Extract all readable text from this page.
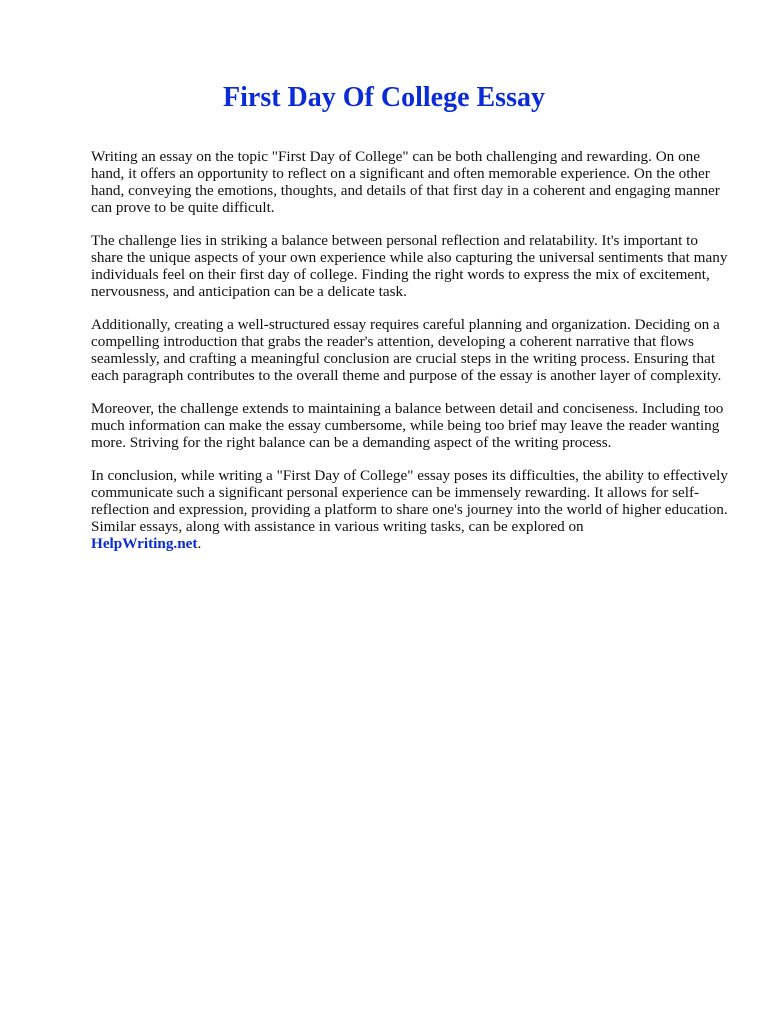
First Day Of College Essay

Writing an essay on the topic "First Day of College" can be both challenging and rewarding. On one hand, it offers an opportunity to reflect on a significant and often memorable experience. On the other hand, conveying the emotions, thoughts, and details of that first day in a coherent and engaging manner can prove to be quite difficult.

The challenge lies in striking a balance between personal reflection and relatability. It's important to share the unique aspects of your own experience while also capturing the universal sentiments that many individuals feel on their first day of college. Finding the right words to express the mix of excitement, nervousness, and anticipation can be a delicate task.

Additionally, creating a well-structured essay requires careful planning and organization. Deciding on a compelling introduction that grabs the reader's attention, developing a coherent narrative that flows seamlessly, and crafting a meaningful conclusion are crucial steps in the writing process. Ensuring that each paragraph contributes to the overall theme and purpose of the essay is another layer of complexity.

Moreover, the challenge extends to maintaining a balance between detail and conciseness. Including too much information can make the essay cumbersome, while being too brief may leave the reader wanting more. Striving for the right balance can be a demanding aspect of the writing process.

In conclusion, while writing a "First Day of College" essay poses its difficulties, the ability to effectively communicate such a significant personal experience can be immensely rewarding. It allows for self-reflection and expression, providing a platform to share one's journey into the world of higher education. Similar essays, along with assistance in various writing tasks, can be explored on
HelpWriting.net.
